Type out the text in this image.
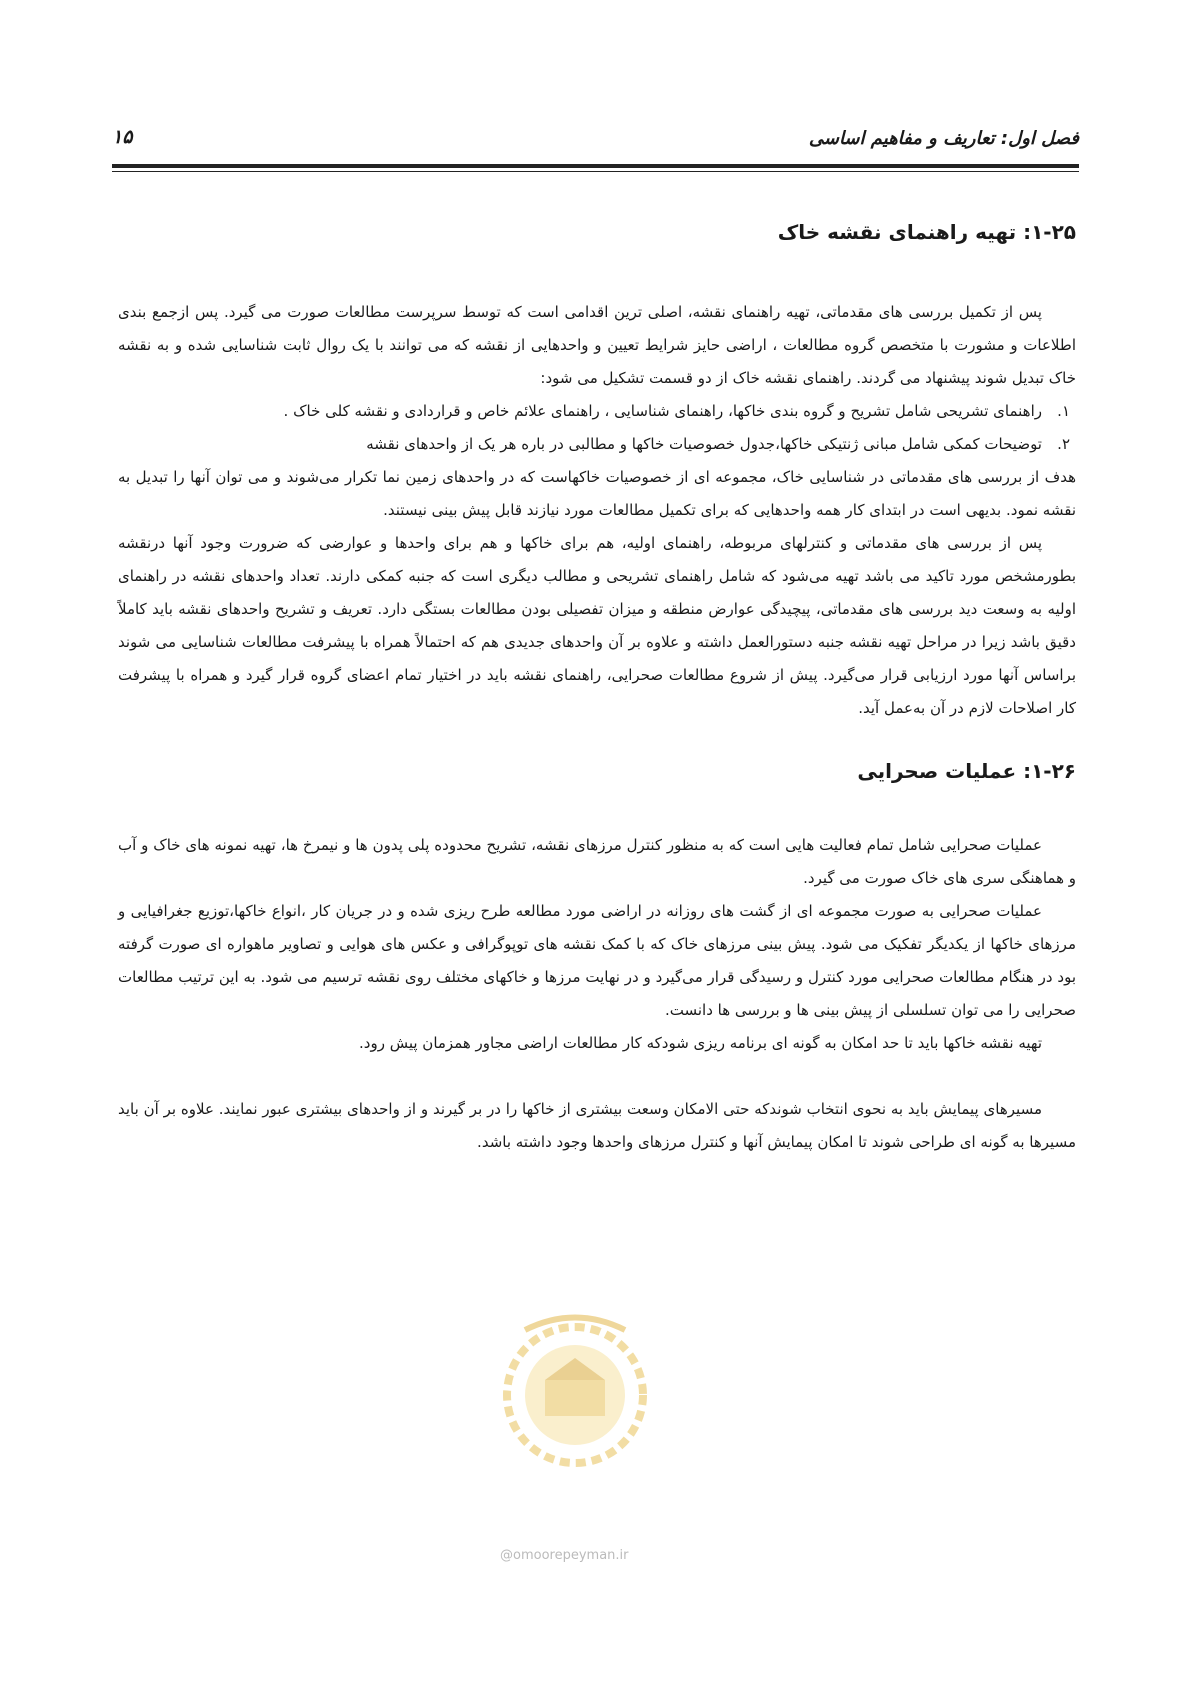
فصل اول: تعاریف و مفاهیم اساسی
۱۵
۱-۲۵: تهیه راهنمای نقشه خاک

پس از تکمیل بررسی های مقدماتی، تهیه راهنمای نقشه، اصلی ترین اقدامی است که توسط سرپرست مطالعات صورت می گیرد. پس ازجمع بندی اطلاعات و مشورت با متخصص گروه مطالعات ، اراضی حایز شرایط تعیین و واحدهایی از نقشه که می توانند با یک روال ثابت شناسایی شده و به نقشه خاک تبدیل شوند پیشنهاد می گردند. راهنمای نقشه خاک از دو قسمت تشکیل می شود:

۱.
راهنمای تشریحی شامل تشریح و گروه بندی خاکها، راهنمای شناسایی ، راهنمای علائم خاص و قراردادی و نقشه کلی خاک .
۲.
توضیحات کمکی شامل مبانی ژنتیکی خاکها،جدول خصوصیات خاکها و مطالبی در باره هر یک از واحدهای نقشه

هدف از بررسی های مقدماتی در شناسایی خاک، مجموعه ای از خصوصیات خاکهاست که در واحدهای زمین نما تکرار می‌شوند و می توان آنها را تبدیل به نقشه نمود. بدیهی است در ابتدای کار همه واحدهایی که برای تکمیل مطالعات مورد نیازند قابل پیش بینی نیستند.

پس از بررسی های مقدماتی و کنترلهای مربوطه، راهنمای اولیه، هم برای خاکها و هم برای واحدها و عوارضی که ضرورت وجود آنها درنقشه بطورمشخص مورد تاکید می باشد تهیه می‌شود که شامل راهنمای تشریحی و مطالب دیگری است که جنبه کمکی دارند. تعداد واحدهای نقشه در راهنمای اولیه به وسعت دید بررسی های مقدماتی، پیچیدگی عوارض منطقه و میزان تفصیلی بودن مطالعات بستگی دارد. تعریف و تشریح واحدهای نقشه باید کاملاً دقیق باشد زیرا در مراحل تهیه نقشه جنبه دستورالعمل داشته و علاوه بر آن واحدهای جدیدی هم که احتمالاً همراه با پیشرفت مطالعات شناسایی می شوند براساس آنها مورد ارزیابی قرار می‌گیرد. پیش از شروع مطالعات صحرایی، راهنمای نقشه باید در اختیار تمام اعضای گروه قرار گیرد و همراه با پیشرفت کار اصلاحات لازم در آن به‌عمل آید.

۱-۲۶: عملیات صحرایی

عملیات صحرایی شامل تمام فعالیت هایی است که به منظور کنترل مرزهای نقشه، تشریح محدوده پلی پدون ها و نیمرخ ها، تهیه نمونه های خاک و آب و هماهنگی سری های خاک صورت می گیرد.

عملیات صحرایی به صورت مجموعه ای از گشت های روزانه در اراضی مورد مطالعه طرح ریزی شده و در جریان کار ،انواع خاکها،توزیع جغرافیایی و مرزهای خاکها از یکدیگر تفکیک می شود. پیش بینی مرزهای خاک که با کمک نقشه های توپوگرافی و عکس های هوایی و تصاویر ماهواره ای صورت گرفته بود در هنگام مطالعات صحرایی مورد کنترل و رسیدگی قرار می‌گیرد و در نهایت مرزها و خاکهای مختلف روی نقشه ترسیم می شود. به این ترتیب مطالعات صحرایی را می توان تسلسلی از پیش بینی ها و بررسی ها دانست.

تهیه نقشه خاکها باید تا حد امکان به گونه ای برنامه ریزی شودکه کار مطالعات اراضی مجاور همزمان پیش رود.

مسیرهای پیمایش باید به نحوی انتخاب شوندکه حتی الامکان وسعت بیشتری از خاکها را در بر گیرند و از واحدهای بیشتری عبور نمایند. علاوه بر آن باید مسیرها به گونه ای طراحی شوند تا امکان پیمایش آنها و کنترل مرزهای واحدها وجود داشته باشد.

@omoorepeyman.ir
